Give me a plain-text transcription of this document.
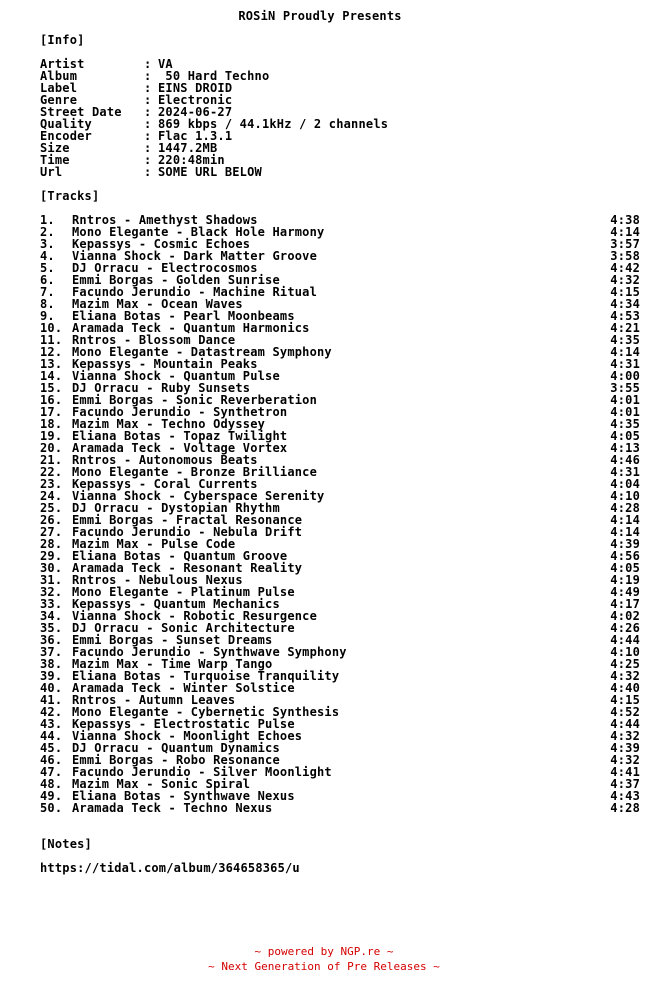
ROSiN Proudly Presents
[Info]
Artist	: VA
Album	: 50 Hard Techno
Label	: EINS DROID
Genre	: Electronic
Street Date : 2024-06-27
Quality	: 869 kbps / 44.1kHz / 2 channels
Encoder	: Flac 1.3.1
Size	: 1447.2MB
Time	: 220:48min
Url	: SOME URL BELOW
[Tracks]
1. Rntros - Amethyst Shadows	4:38
2. Mono Elegante - Black Hole Harmony	4:14
3. Kepassys - Cosmic Echoes	3:57
4. Vianna Shock - Dark Matter Groove	3:58
5. DJ Orracu - Electrocosmos	4:42
6. Emmi Borgas - Golden Sunrise	4:32
7. Facundo Jerundio - Machine Ritual	4:15
8. Mazim Max - Ocean Waves	4:34
9. Eliana Botas - Pearl Moonbeams	4:53
10. Aramada Teck - Quantum Harmonics	4:21
11. Rntros - Blossom Dance	4:35
12. Mono Elegante - Datastream Symphony	4:14
13. Kepassys - Mountain Peaks	4:31
14. Vianna Shock - Quantum Pulse	4:00
15. DJ Orracu - Ruby Sunsets	3:55
16. Emmi Borgas - Sonic Reverberation	4:01
17. Facundo Jerundio - Synthetron	4:01
18. Mazim Max - Techno Odyssey	4:35
19. Eliana Botas - Topaz Twilight	4:05
20. Aramada Teck - Voltage Vortex	4:13
21. Rntros - Autonomous Beats	4:46
22. Mono Elegante - Bronze Brilliance	4:31
23. Kepassys - Coral Currents	4:04
24. Vianna Shock - Cyberspace Serenity	4:10
25. DJ Orracu - Dystopian Rhythm	4:28
26. Emmi Borgas - Fractal Resonance	4:14
27. Facundo Jerundio - Nebula Drift	4:14
28. Mazim Max - Pulse Code	4:39
29. Eliana Botas - Quantum Groove	4:56
30. Aramada Teck - Resonant Reality	4:05
31. Rntros - Nebulous Nexus	4:19
32. Mono Elegante - Platinum Pulse	4:49
33. Kepassys - Quantum Mechanics	4:17
34. Vianna Shock - Robotic Resurgence	4:02
35. DJ Orracu - Sonic Architecture	4:26
36. Emmi Borgas - Sunset Dreams	4:44
37. Facundo Jerundio - Synthwave Symphony	4:10
38. Mazim Max - Time Warp Tango	4:25
39. Eliana Botas - Turquoise Tranquility	4:32
40. Aramada Teck - Winter Solstice	4:40
41. Rntros - Autumn Leaves	4:15
42. Mono Elegante - Cybernetic Synthesis	4:52
43. Kepassys - Electrostatic Pulse	4:44
44. Vianna Shock - Moonlight Echoes	4:32
45. DJ Orracu - Quantum Dynamics	4:39
46. Emmi Borgas - Robo Resonance	4:32
47. Facundo Jerundio - Silver Moonlight	4:41
48. Mazim Max - Sonic Spiral	4:37
49. Eliana Botas - Synthwave Nexus	4:43
50. Aramada Teck - Techno Nexus	4:28
[Notes]
https://tidal.com/album/364658365/u
~ powered by NGP.re ~
~ Next Generation of Pre Releases ~
